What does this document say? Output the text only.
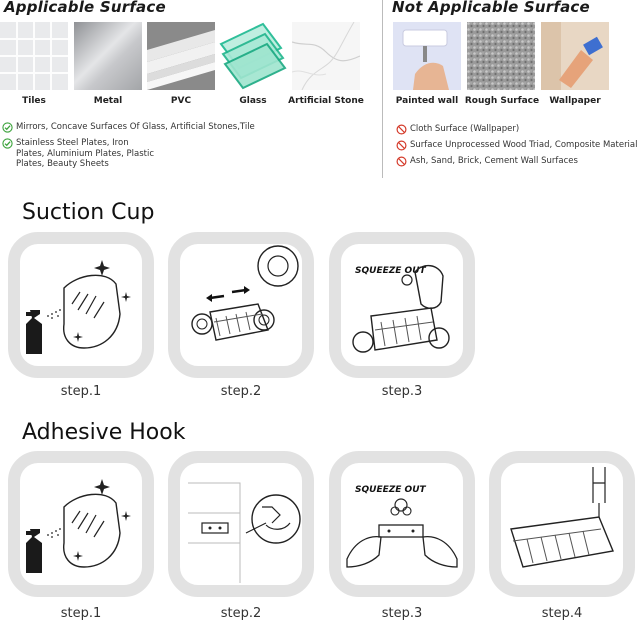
Applicable Surface
Tiles	Metal	PVC	Glass	Artificial Stone
Mirrors, Concave Surfaces Of Glass, Artificial Stones,Tile
Stainless Steel Plates, Iron
Plates, Aluminium Plates, Plastic
Plates, Beauty Sheets
Not Applicable Surface
Painted wall Rough Surface	Wallpaper
Cloth Surface (Wallpaper)
Surface Unprocessed Wood Triad, Composite Material
Ash, Sand, Brick, Cement Wall Surfaces
Suction Cup
step.1	step.2
SQUEEZE OUT
step.3
Adhesive Hook
step.1	step.2
SQUEEZE OUT
step.3	step.4
